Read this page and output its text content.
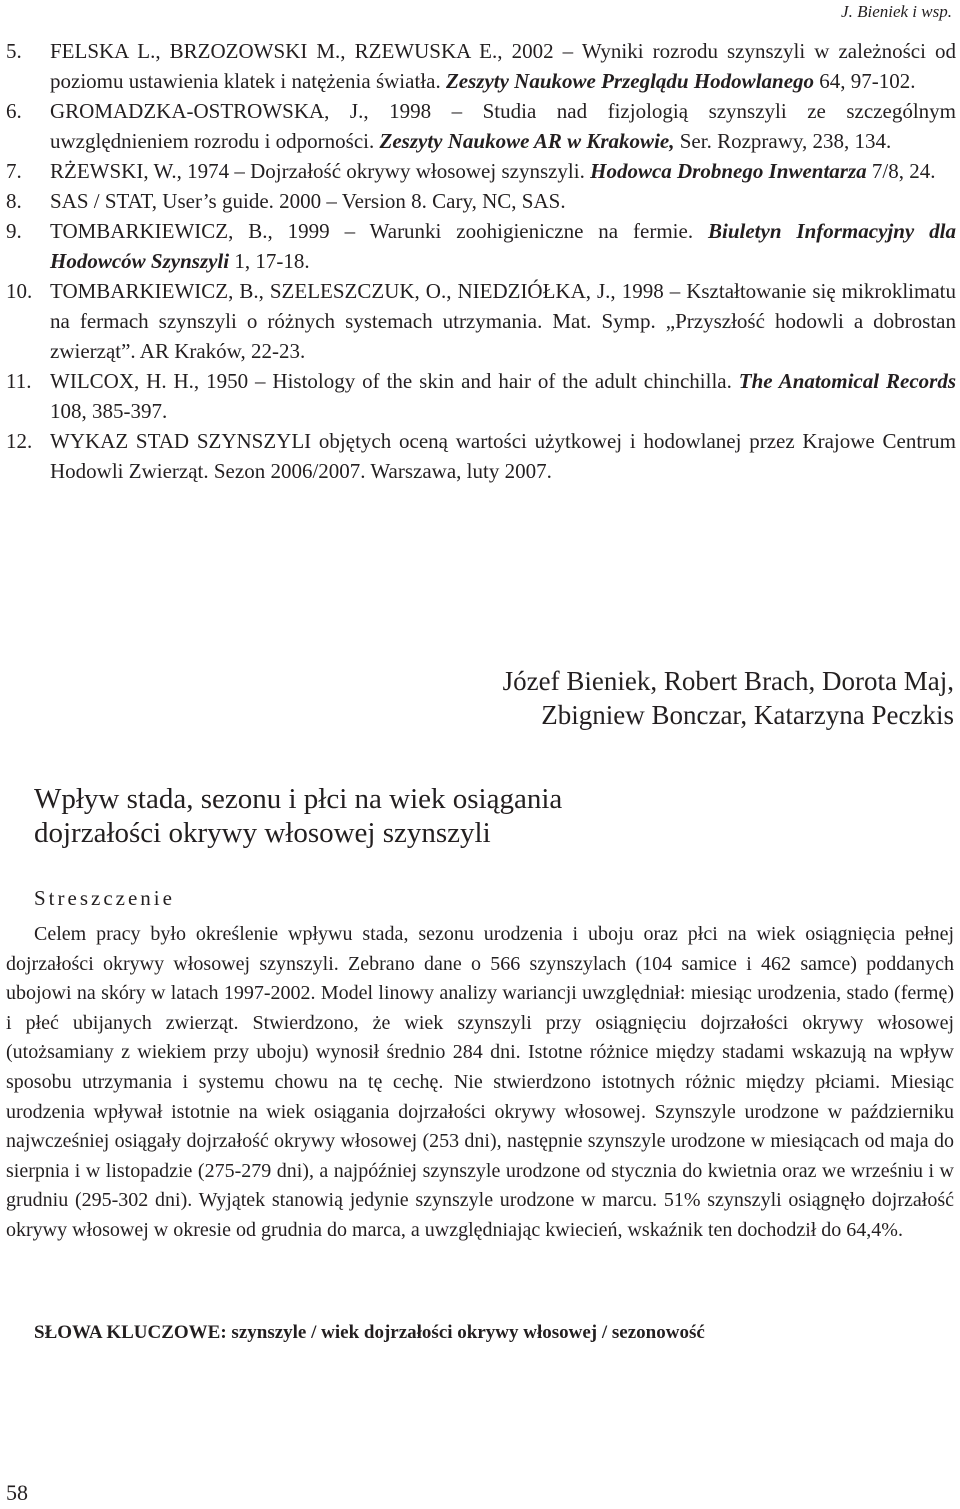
J. Bieniek i wsp.
5.	FELSKA L., BRZOZOWSKI M., RZEWUSKA E., 2002 – Wyniki rozrodu szynszyli w zależności od poziomu ustawienia klatek i natężenia światła. Zeszyty Naukowe Przeglądu Hodowlanego 64, 97-102.
6.	GROMADZKA-OSTROWSKA, J., 1998 – Studia nad fizjologią szynszyli ze szczególnym uwzględnieniem rozrodu i odporności. Zeszyty Naukowe AR w Krakowie, Ser. Rozprawy, 238, 134.
7.	RŻEWSKI, W., 1974 – Dojrzałość okrywy włosowej szynszyli. Hodowca Drobnego Inwentarza 7/8, 24.
8.	SAS / STAT, User’s guide. 2000 – Version 8. Cary, NC, SAS.
9.	TOMBARKIEWICZ, B., 1999 – Warunki zoohigieniczne na fermie. Biuletyn Informacyjny dla Hodowców Szynszyli 1, 17-18.
10. TOMBARKIEWICZ, B., SZELESZCZUK, O., NIEDZIÓŁKA, J., 1998 – Kształtowanie się mikroklimatu na fermach szynszyli o różnych systemach utrzymania. Mat. Symp. „Przyszłość hodowli a dobrostan zwierząt”. AR Kraków, 22-23.
11. WILCOX, H. H., 1950 – Histology of the skin and hair of the adult chinchilla. The Anatomical Records 108, 385-397.
12. WYKAZ STAD SZYNSZYLI objętych oceną wartości użytkowej i hodowlanej przez Krajowe Centrum Hodowli Zwierząt. Sezon 2006/2007. Warszawa, luty 2007.
Józef Bieniek, Robert Brach, Dorota Maj,
Zbigniew Bonczar, Katarzyna Peczkis
Wpływ stada, sezonu i płci na wiek osiągania
dojrzałości okrywy włosowej szynszyli
Streszczenie

Celem pracy było określenie wpływu stada, sezonu urodzenia i uboju oraz płci na wiek osiągnięcia pełnej dojrzałości okrywy włosowej szynszyli. Zebrano dane o 566 szynszylach (104 samice i 462 samce) poddanych ubojowi na skóry w latach 1997-2002. Model linowy analizy wariancji uwzględniał: miesiąc urodzenia, stado (fermę) i płeć ubijanych zwierząt. Stwierdzono, że wiek szynszyli przy osiągnięciu dojrzałości okrywy włosowej (utożsamiany z wiekiem przy uboju) wynosił średnio 284 dni. Istotne różnice między stadami wskazują na wpływ sposobu utrzymania i systemu chowu na tę cechę. Nie stwierdzono istotnych różnic między płciami. Miesiąc urodzenia wpływał istotnie na wiek osiągania dojrzałości okrywy włosowej. Szynszyle urodzone w październiku najwcześniej osiągały dojrzałość okrywy włosowej (253 dni), następnie szynszyle urodzone w miesiącach od maja do sierpnia i w listopadzie (275-279 dni), a najpóźniej szynszyle urodzone od stycznia do kwietnia oraz we wrześniu i w grudniu (295-302 dni). Wyjątek stanowią jedynie szynszyle urodzone w marcu. 51% szynszyli osiągnęło dojrzałość okrywy włosowej w okresie od grudnia do marca, a uwzględniając kwiecień, wskaźnik ten dochodził do 64,4%.

SŁOWA KLUCZOWE: szynszyle / wiek dojrzałości okrywy włosowej / sezonowość
58
